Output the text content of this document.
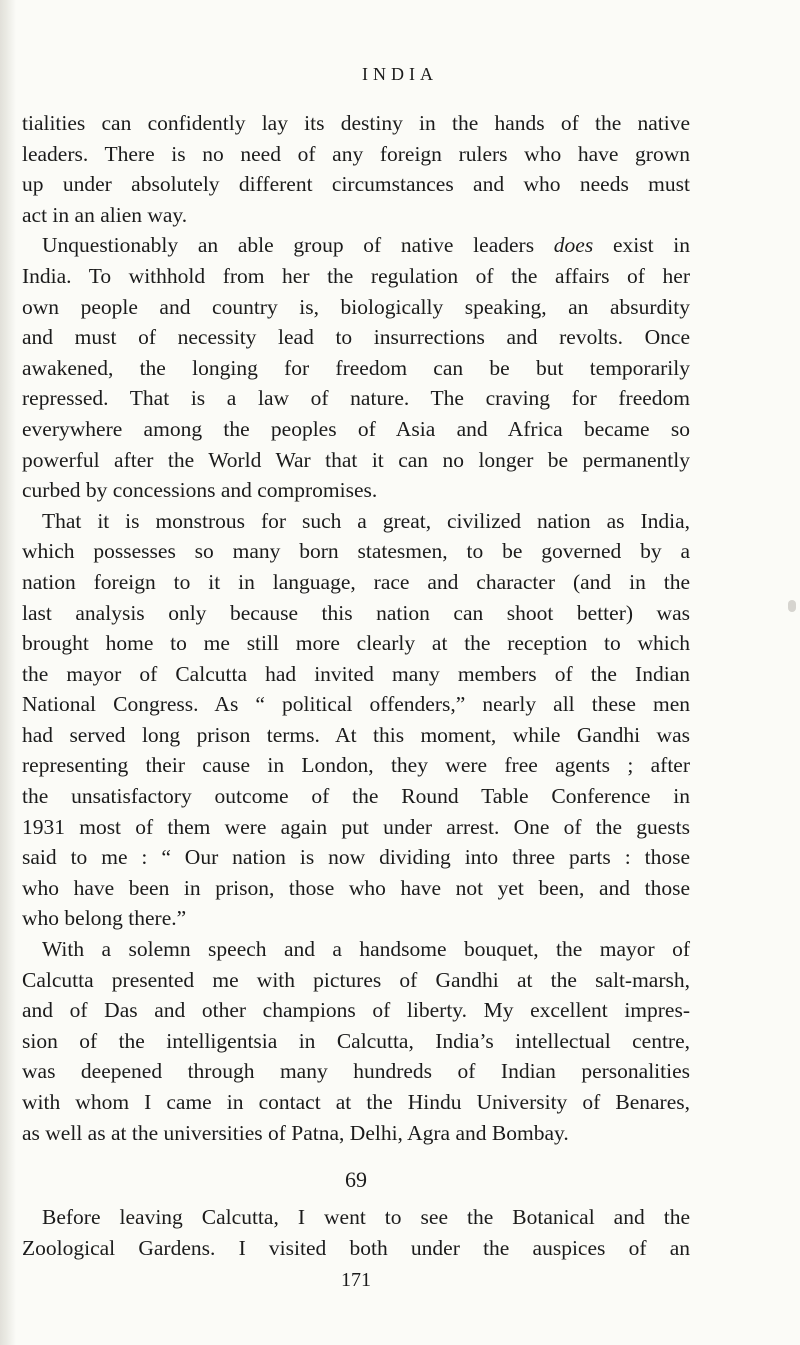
INDIA
tialities can confidently lay its destiny in the hands of the native
leaders. There is no need of any foreign rulers who have grown
up under absolutely different circumstances and who needs must
act in an alien way.
Unquestionably an able group of native leaders does exist in
India. To withhold from her the regulation of the affairs of her
own people and country is, biologically speaking, an absurdity
and must of necessity lead to insurrections and revolts. Once
awakened, the longing for freedom can be but temporarily
repressed. That is a law of nature. The craving for freedom
everywhere among the peoples of Asia and Africa became so
powerful after the World War that it can no longer be permanently
curbed by concessions and compromises.
That it is monstrous for such a great, civilized nation as India,
which possesses so many born statesmen, to be governed by a
nation foreign to it in language, race and character (and in the
last analysis only because this nation can shoot better) was
brought home to me still more clearly at the reception to which
the mayor of Calcutta had invited many members of the Indian
National Congress. As “ political offenders,” nearly all these men
had served long prison terms. At this moment, while Gandhi was
representing their cause in London, they were free agents ; after
the unsatisfactory outcome of the Round Table Conference in
1931 most of them were again put under arrest. One of the guests
said to me : “ Our nation is now dividing into three parts : those
who have been in prison, those who have not yet been, and those
who belong there.”
With a solemn speech and a handsome bouquet, the mayor of
Calcutta presented me with pictures of Gandhi at the salt-marsh,
and of Das and other champions of liberty. My excellent impres-
sion of the intelligentsia in Calcutta, India’s intellectual centre,
was deepened through many hundreds of Indian personalities
with whom I came in contact at the Hindu University of Benares,
as well as at the universities of Patna, Delhi, Agra and Bombay.
69
Before leaving Calcutta, I went to see the Botanical and the
Zoological Gardens. I visited both under the auspices of an
171
